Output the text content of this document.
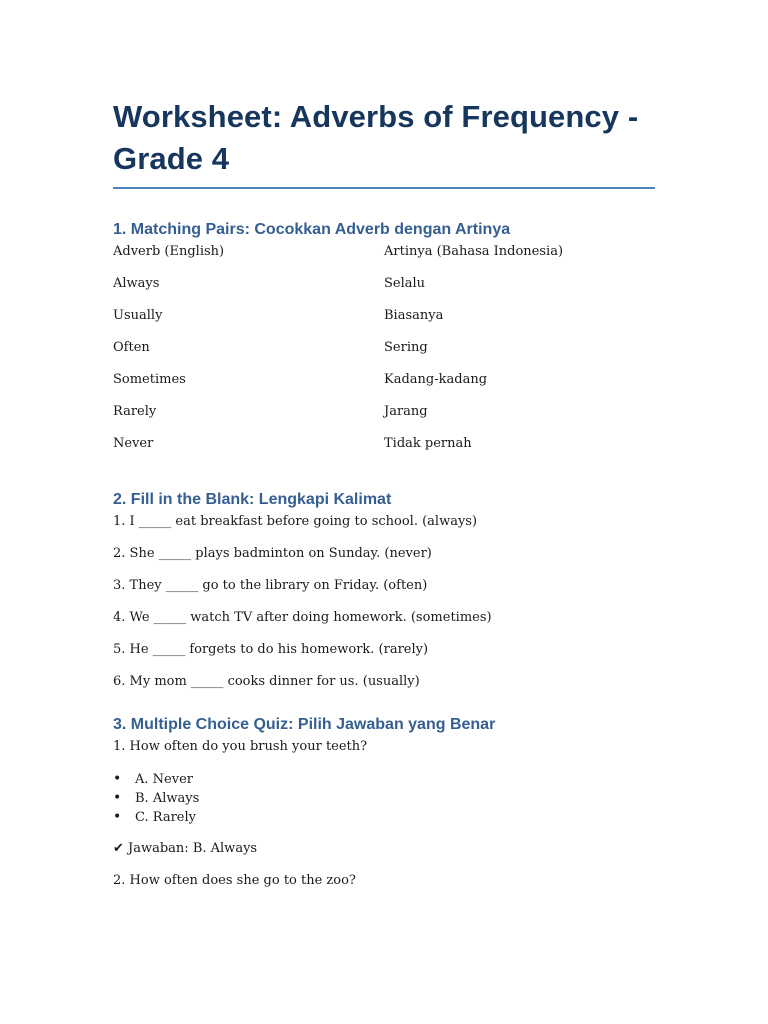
Worksheet: Adverbs of Frequency -
Grade 4
1. Matching Pairs: Cocokkan Adverb dengan Artinya
Adverb (English)	Artinya (Bahasa Indonesia)
Always	Selalu
Usually	Biasanya
Often	Sering
Sometimes	Kadang-kadang
Rarely	Jarang
Never	Tidak pernah
2. Fill in the Blank: Lengkapi Kalimat

1. I _____ eat breakfast before going to school. (always)

2. She _____ plays badminton on Sunday. (never)

3. They _____ go to the library on Friday. (often)

4. We _____ watch TV after doing homework. (sometimes)

5. He _____ forgets to do his homework. (rarely)

6. My mom _____ cooks dinner for us. (usually)

3. Multiple Choice Quiz: Pilih Jawaban yang Benar

1. How often do you brush your teeth?

• A. Never
• B. Always
• C. Rarely

✔ Jawaban: B. Always

2. How often does she go to the zoo?
